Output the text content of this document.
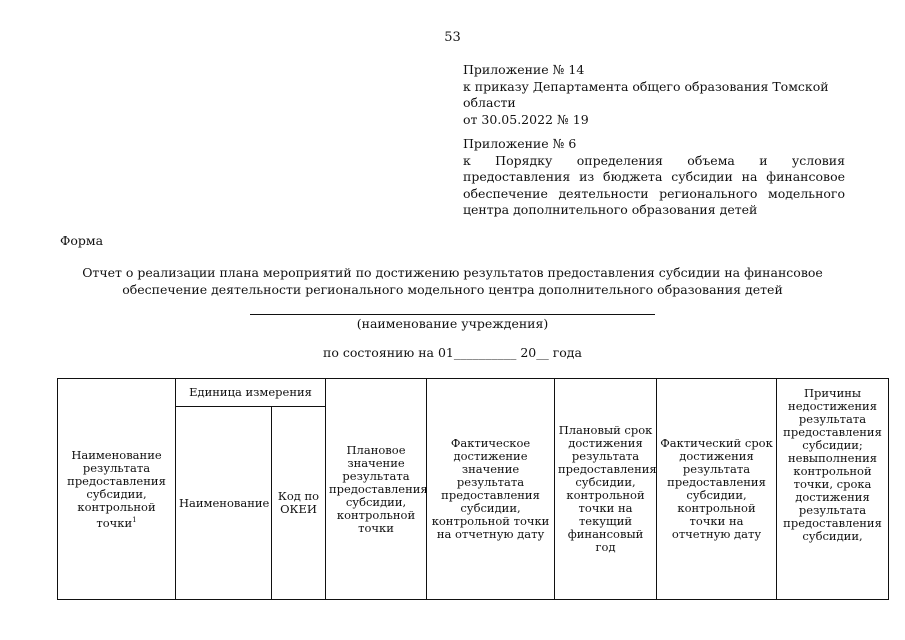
53
Приложение № 14
к приказу Департамента общего образования Томской области
от 30.05.2022 № 19
Приложение № 6
к Порядку определения объема и условия предоставления из бюджета субсидии на финансовое обеспечение деятельности регионального модельного центра дополнительного образования детей
Форма
Отчет о реализации плана мероприятий по достижению результатов предоставления субсидии на финансовое обеспечение деятельности регионального модельного центра дополнительного образования детей
(наименование учреждения)
по состоянию на 01__________ 20__ года
Наименование результата предоставления субсидии, контрольной точки$^1$	Единица измерения		Плановое значение результата предоставления субсидии, контрольной точки	Фактическое достижение значение результата предоставления субсидии, контрольной точки на отчетную дату	Плановый срок достижения результата предоставления субсидии, контрольной точки на текущий финансовый год	Фактический срок достижения результата предоставления субсидии, контрольной точки на отчетную дату	Причины недостижения результата предоставления субсидии; невыполнения контрольной точки, срока достижения результата предоставления субсидии,
	Наименование	Код по ОКЕИ					
